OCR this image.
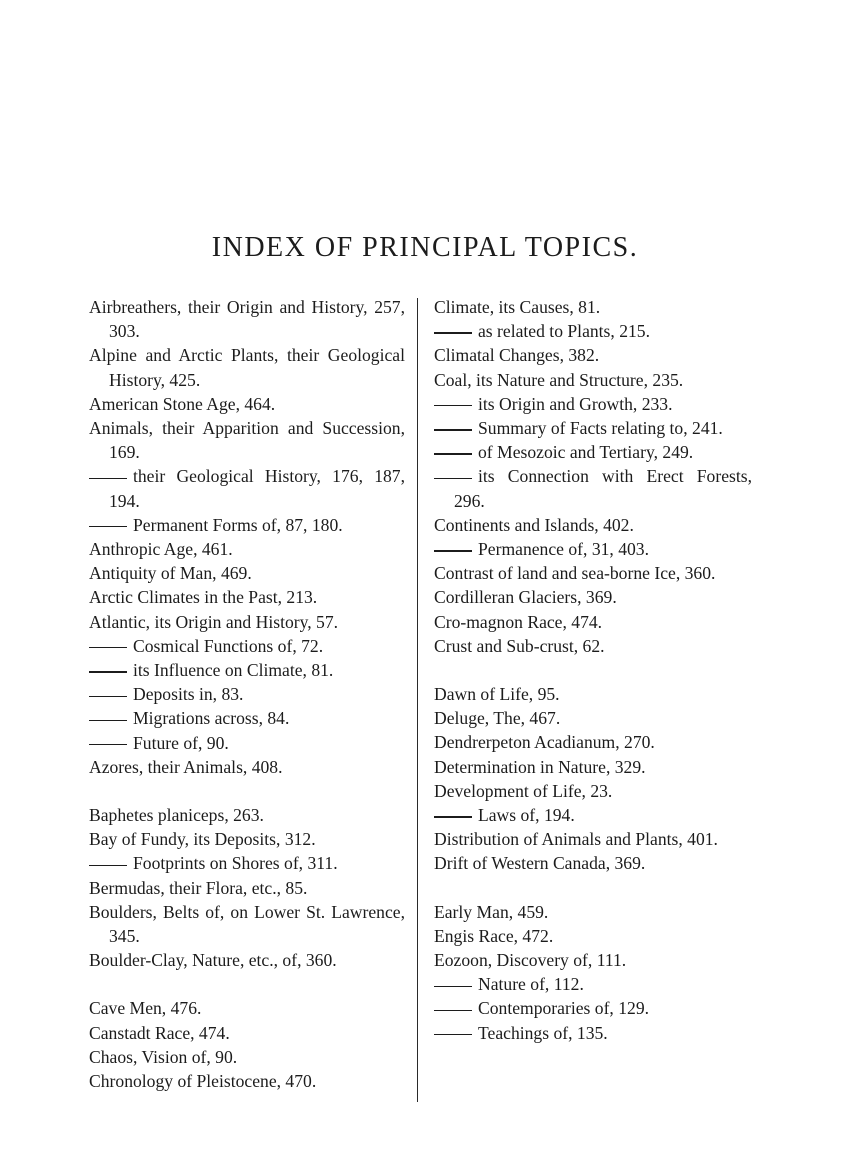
INDEX OF PRINCIPAL TOPICS.

Airbreathers, their Origin and History, 257, 303.

Alpine and Arctic Plants, their Geological History, 425.

American Stone Age, 464.

Animals, their Apparition and Succession, 169.

their Geological History, 176, 187, 194.

Permanent Forms of, 87, 180.

Anthropic Age, 461.

Antiquity of Man, 469.

Arctic Climates in the Past, 213.

Atlantic, its Origin and History, 57.

Cosmical Functions of, 72.

its Influence on Climate, 81.

Deposits in, 83.

Migrations across, 84.

Future of, 90.

Azores, their Animals, 408.

Baphetes planiceps, 263.

Bay of Fundy, its Deposits, 312.

Footprints on Shores of, 311.

Bermudas, their Flora, etc., 85.

Boulders, Belts of, on Lower St. Lawrence, 345.

Boulder-Clay, Nature, etc., of, 360.

Cave Men, 476.

Canstadt Race, 474.

Chaos, Vision of, 90.

Chronology of Pleistocene, 470.

Climate, its Causes, 81.

as related to Plants, 215.

Climatal Changes, 382.

Coal, its Nature and Structure, 235.

its Origin and Growth, 233.

Summary of Facts relating to, 241.

of Mesozoic and Tertiary, 249.

its Connection with Erect Forests, 296.

Continents and Islands, 402.

Permanence of, 31, 403.

Contrast of land and sea-borne Ice, 360.

Cordilleran Glaciers, 369.

Cro-magnon Race, 474.

Crust and Sub-crust, 62.

Dawn of Life, 95.

Deluge, The, 467.

Dendrerpeton Acadianum, 270.

Determination in Nature, 329.

Development of Life, 23.

Laws of, 194.

Distribution of Animals and Plants, 401.

Drift of Western Canada, 369.

Early Man, 459.

Engis Race, 472.

Eozoon, Discovery of, 111.

Nature of, 112.

Contemporaries of, 129.

Teachings of, 135.
